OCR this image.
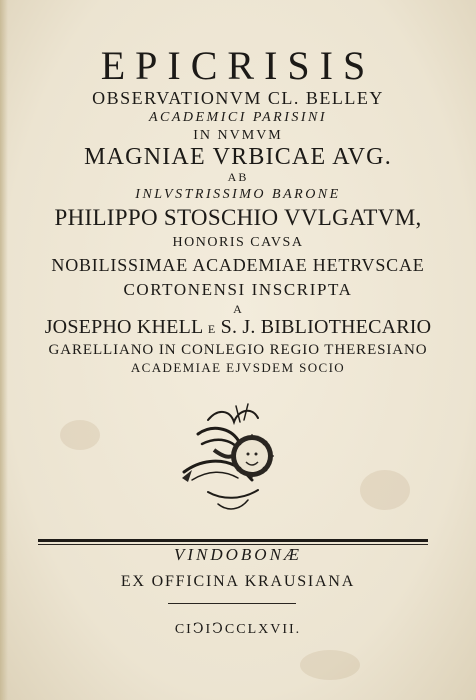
EPICRISIS
OBSERVATIONVM CL. BELLEY
ACADEMICI PARISINI
IN NVMVM
MAGNIAE VRBICAE AVG.
AB
INLVSTRISSIMO BARONE
PHILIPPO STOSCHIO VVLGATVM,
HONORIS CAVSA
NOBILISSIMAE ACADEMIAE HETRVSCAE
CORTONENSI INSCRIPTA
A
JOSEPHO KHELL E S. J. BIBLIOTHECARIO
GARELLIANO IN CONLEGIO REGIO THERESIANO
ACADEMIAE EJVSDEM SOCIO
VINDOBONÆ
EX OFFICINA KRAUSIANA
CIↃIↃCCLXVII.
